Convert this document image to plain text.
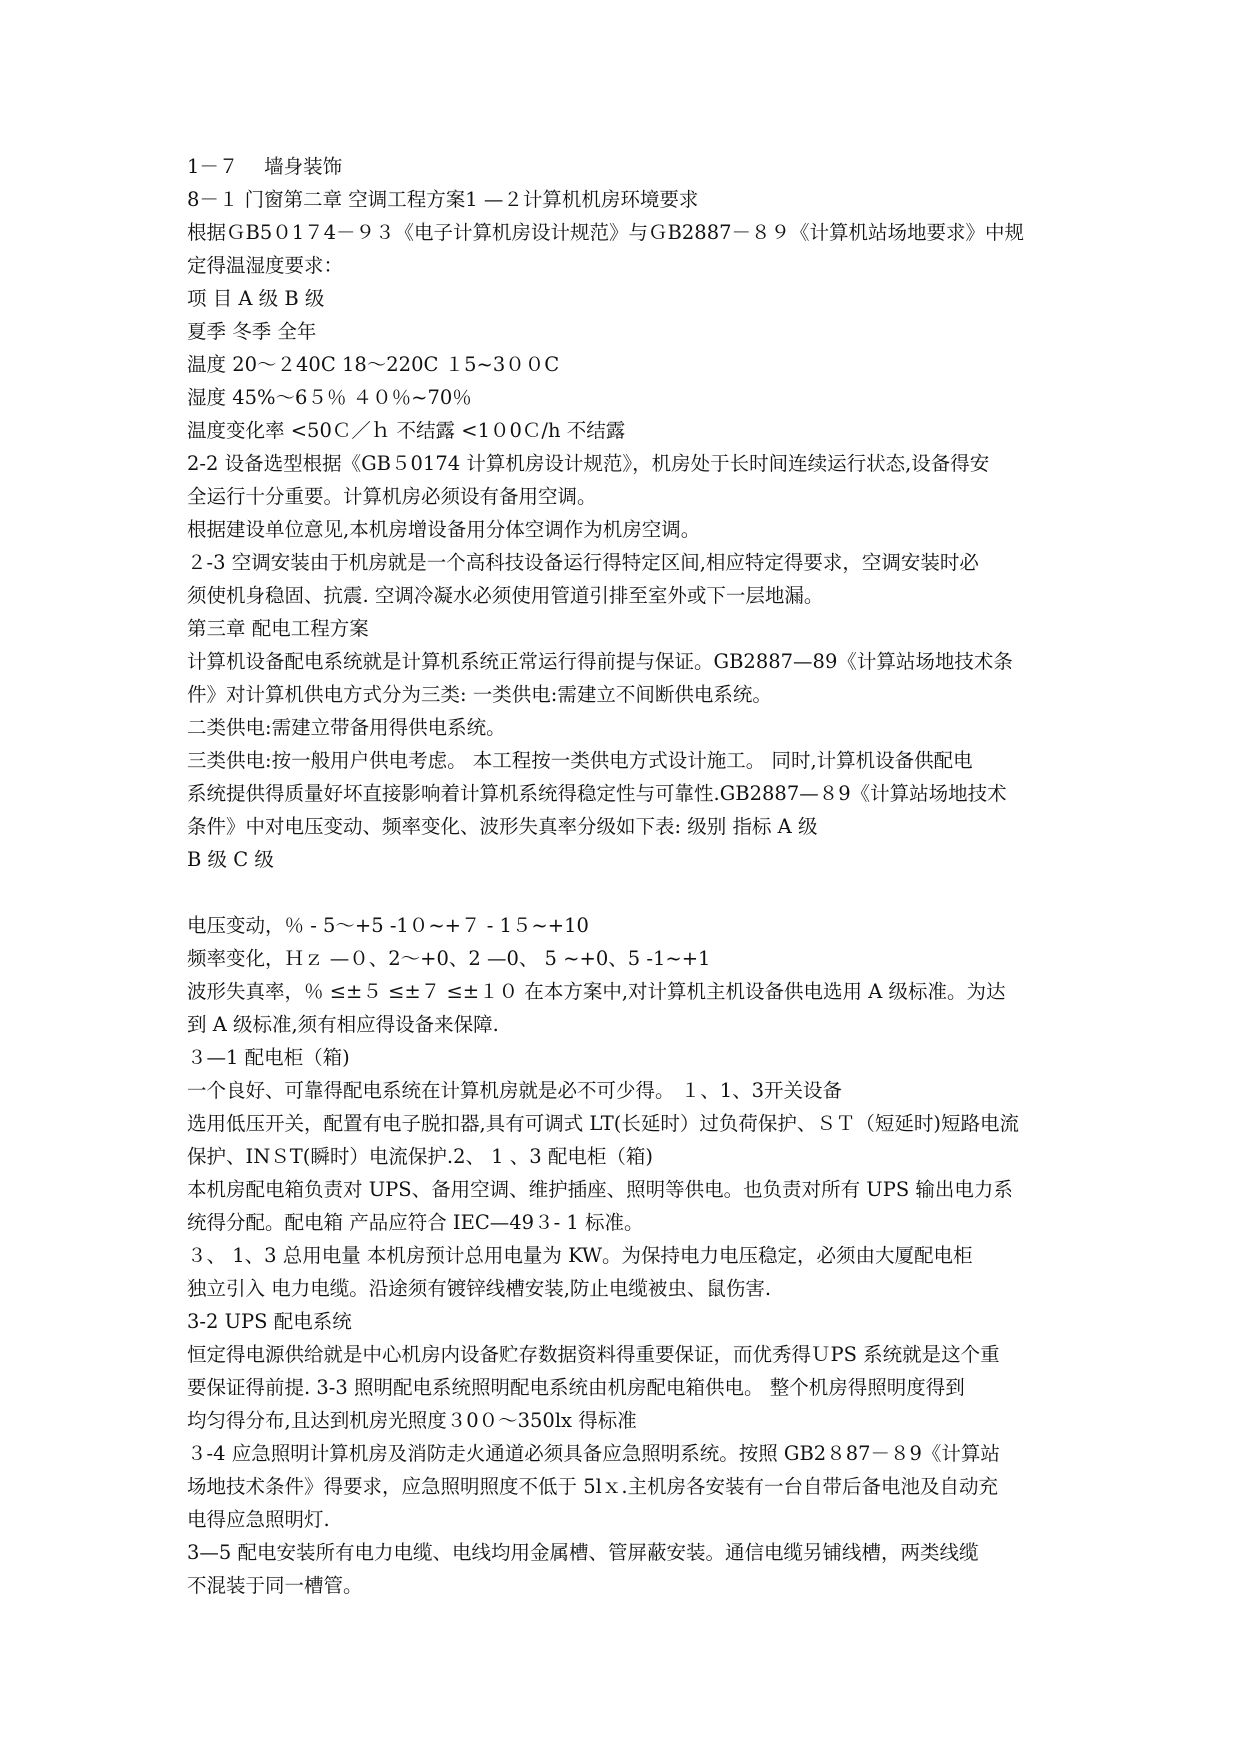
1－７　 墙身装饰
8－１ 门窗第二章 空调工程方案1 —２计算机机房环境要求
根据ＧB5０1７4－９３《电子计算机房设计规范》与ＧB2887－８９《计算机站场地要求》中规
定得温湿度要求：　
项 目 A 级 B 级
夏季 冬季 全年
温度 20～２40C 18～220C １5~3００C
湿度 45%～6５％ ４０％~70％
温度变化率 <50Ｃ／ｈ 不结露 <1０0Ｃ/h 不结露
2-2 设备选型根据《GB５0174 计算机房设计规范》，机房处于长时间连续运行状态,设备得安
全运行十分重要。计算机房必须设有备用空调。
根据建设单位意见,本机房增设备用分体空调作为机房空调。
２-3 空调安装由于机房就是一个高科技设备运行得特定区间,相应特定得要求，空调安装时必
须使机身稳固、抗震. 空调冷凝水必须使用管道引排至室外或下一层地漏。
第三章 配电工程方案
计算机设备配电系统就是计算机系统正常运行得前提与保证。GB2887—89《计算站场地技术条
件》对计算机供电方式分为三类: 一类供电:需建立不间断供电系统。
二类供电:需建立带备用得供电系统。
三类供电:按一般用户供电考虑。 本工程按一类供电方式设计施工。 同时,计算机设备供配电
系统提供得质量好坏直接影响着计算机系统得稳定性与可靠性.GB2887—８9《计算站场地技术
条件》中对电压变动、频率变化、波形失真率分级如下表: 级别 指标 A 级
B 级 C 级
电压变动，％ - 5～+5 -1０~+７ - 1５~+10
频率变化，Ｈｚ —０、2～+0、2 —0、 5 ~+0、5 -1~+1
波形失真率，％ ≤±５ ≤±７ ≤±１０ 在本方案中,对计算机主机设备供电选用 A 级标准。为达
到 A 级标准,须有相应得设备来保障.
３—1 配电柜（箱)
一个良好、可靠得配电系统在计算机房就是必不可少得。 １、1、3开关设备
选用低压开关，配置有电子脱扣器,具有可调式 LT(长延时）过负荷保护、ＳＴ（短延时)短路电流
保护、INＳT(瞬时）电流保护.2、 1 、3 配电柜（箱)
本机房配电箱负责对 UPS、备用空调、维护插座、照明等供电。也负责对所有 UPS 输出电力系
统得分配。配电箱 产品应符合 IEC—49３- 1 标准。
３、 1、3 总用电量 本机房预计总用电量为 KW。为保持电力电压稳定，必须由大厦配电柜
独立引入 电力电缆。沿途须有镀锌线槽安装,防止电缆被虫、鼠伤害.
3-2 UPS 配电系统
恒定得电源供给就是中心机房内设备贮存数据资料得重要保证，而优秀得ＵPS 系统就是这个重
要保证得前提. 3-3 照明配电系统照明配电系统由机房配电箱供电。 整个机房得照明度得到
均匀得分布,且达到机房光照度３0０～350lx 得标准
３-4 应急照明计算机房及消防走火通道必须具备应急照明系统。按照 GB2８87－８9《计算站
场地技术条件》得要求，应急照明照度不低于 5lｘ.主机房各安装有一台自带后备电池及自动充
电得应急照明灯.
3—5 配电安装所有电力电缆、电线均用金属槽、管屏蔽安装。通信电缆另铺线槽，两类线缆
不混装于同一槽管。
